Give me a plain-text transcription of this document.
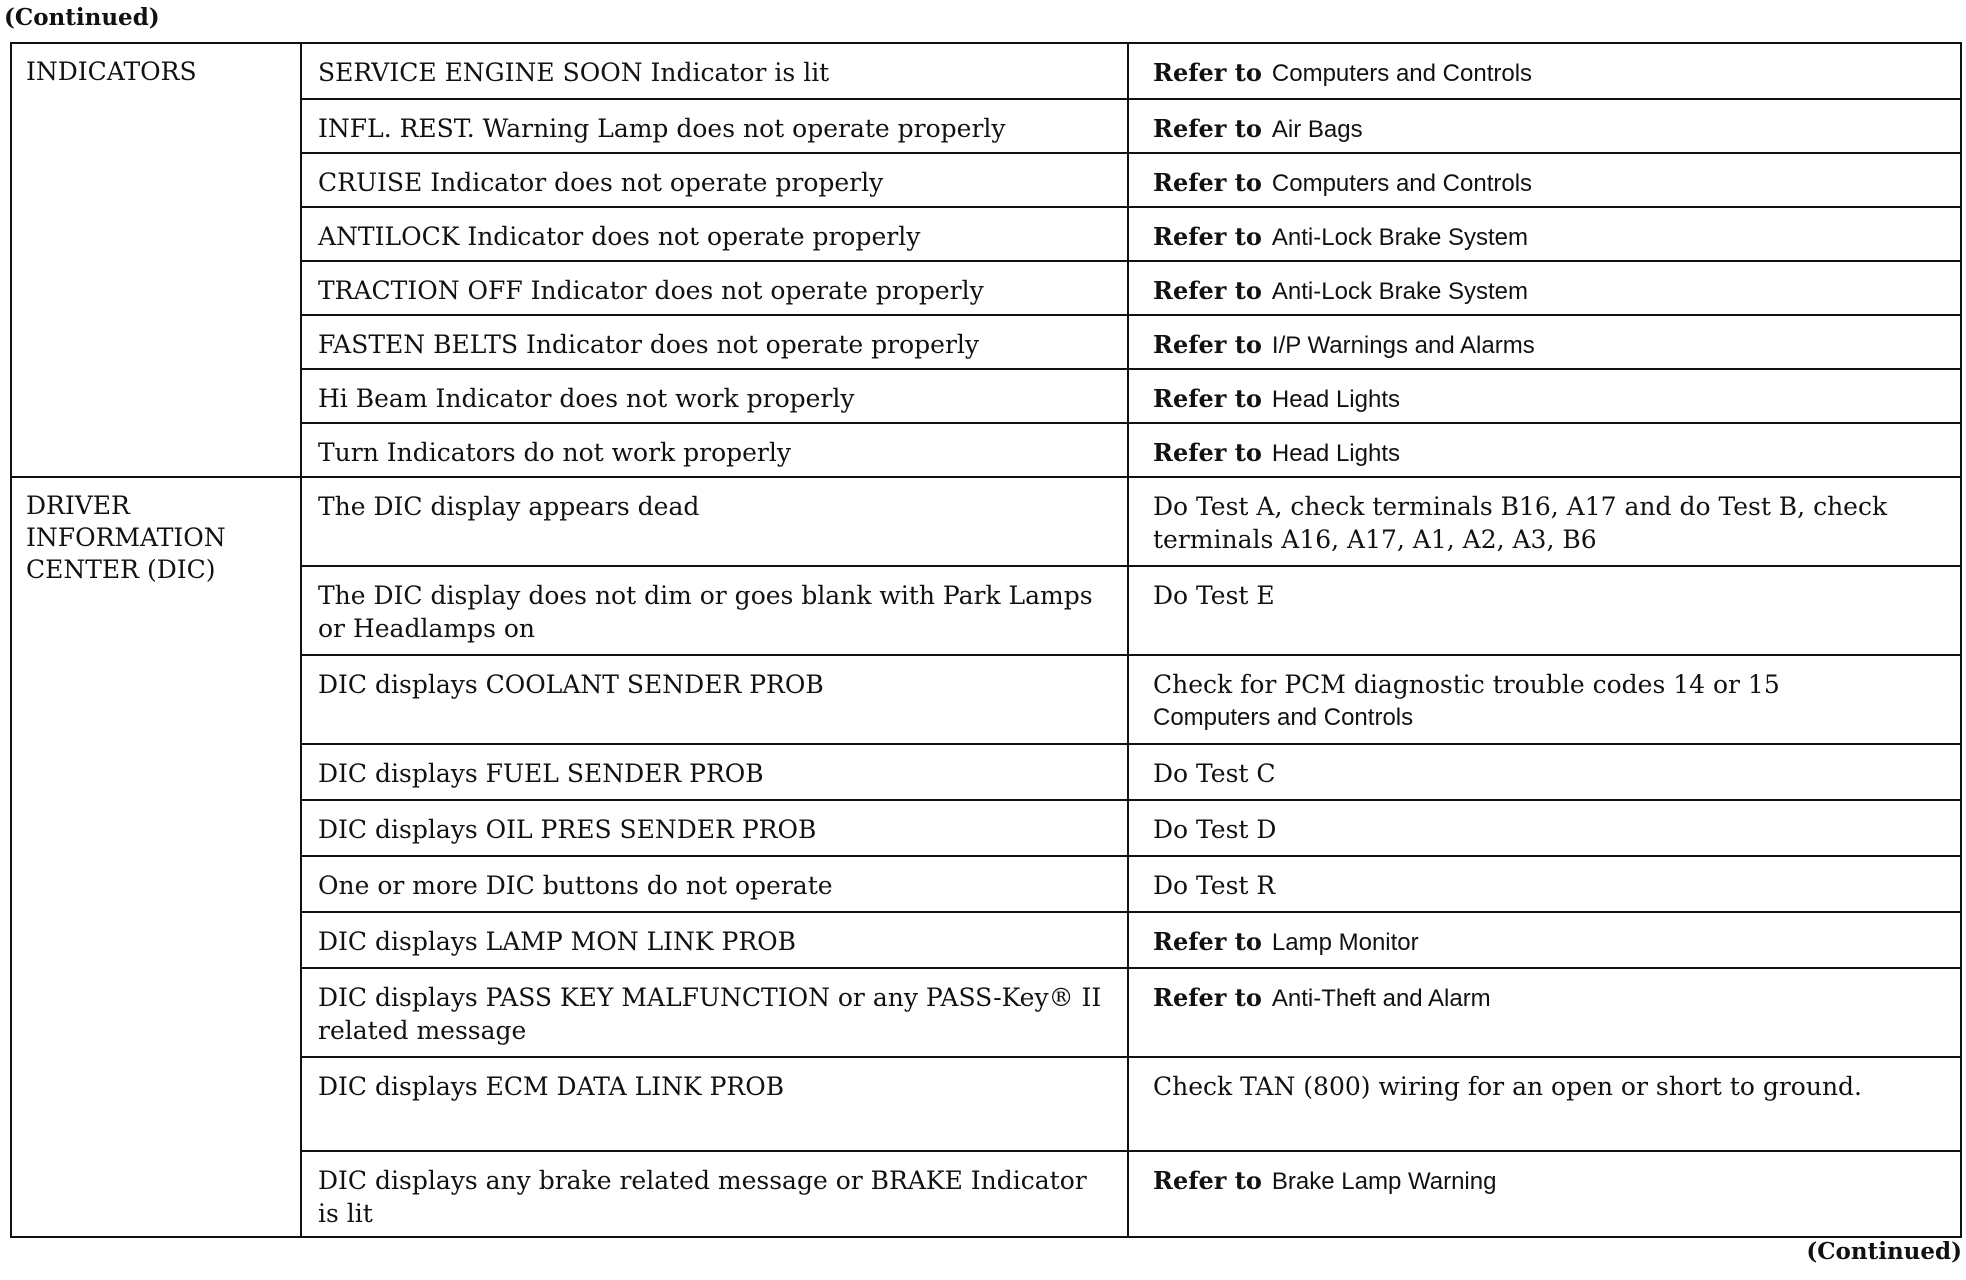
(Continued)
INDICATORS	SERVICE ENGINE SOON Indicator is lit	Refer to Computers and Controls
	INFL. REST. Warning Lamp does not operate properly	Refer to Air Bags
	CRUISE Indicator does not operate properly	Refer to Computers and Controls
	ANTILOCK Indicator does not operate properly	Refer to Anti-Lock Brake System
	TRACTION OFF Indicator does not operate properly	Refer to Anti-Lock Brake System
	FASTEN BELTS Indicator does not operate properly	Refer to I/P Warnings and Alarms
	Hi Beam Indicator does not work properly	Refer to Head Lights
	Turn Indicators do not work properly	Refer to Head Lights
DRIVER INFORMATION CENTER (DIC)	The DIC display appears dead	Do Test A, check terminals B16, A17 and do Test B, check terminals A16, A17, A1, A2, A3, B6
	The DIC display does not dim or goes blank with Park Lamps or Headlamps on	Do Test E
	DIC displays COOLANT SENDER PROB	Check for PCM diagnostic trouble codes 14 or 15
Computers and Controls

	DIC displays FUEL SENDER PROB	Do Test C
	DIC displays OIL PRES SENDER PROB	Do Test D
	One or more DIC buttons do not operate	Do Test R
	DIC displays LAMP MON LINK PROB	Refer to Lamp Monitor
	DIC displays PASS KEY MALFUNCTION or any PASS-Key® II related message	Refer to Anti-Theft and Alarm
	DIC displays ECM DATA LINK PROB	Check TAN (800) wiring for an open or short to ground.
	DIC displays any brake related message or BRAKE Indicator is lit	Refer to Brake Lamp Warning
(Continued)
